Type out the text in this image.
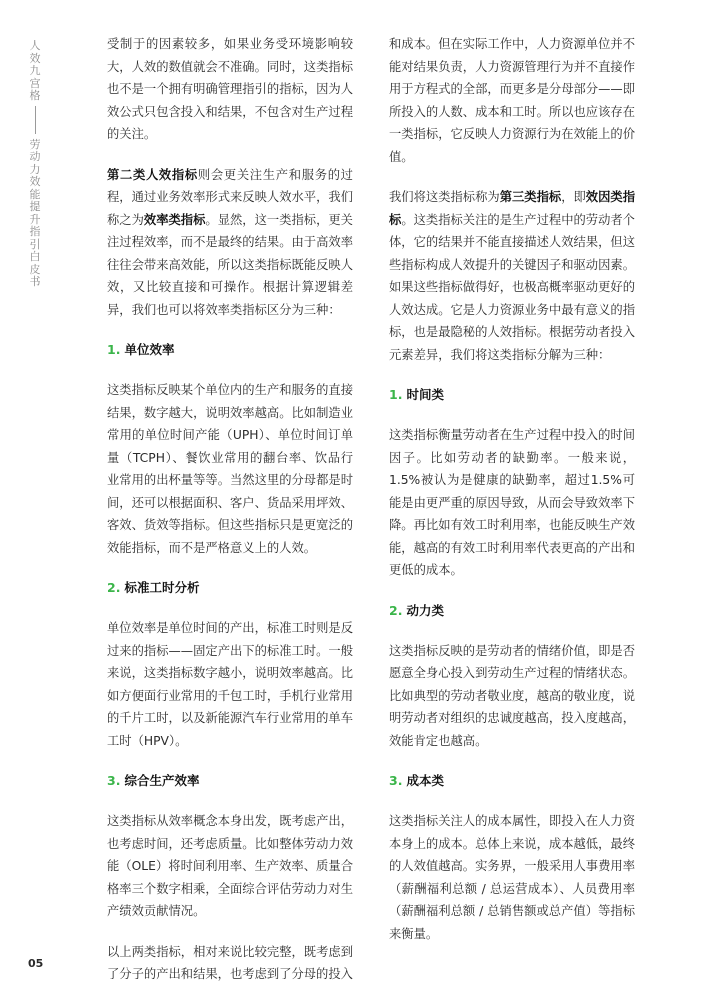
人效九宫格
劳动力效能提升指引白皮书

受制于的因素较多，如果业务受环境影响较大，人效的数值就会不准确。同时，这类指标也不是一个拥有明确管理指引的指标，因为人效公式只包含投入和结果，不包含对生产过程的关注。

第二类人效指标则会更关注生产和服务的过程，通过业务效率形式来反映人效水平，我们称之为效率类指标。显然，这一类指标，更关注过程效率，而不是最终的结果。由于高效率往往会带来高效能，所以这类指标既能反映人效，又比较直接和可操作。根据计算逻辑差异，我们也可以将效率类指标区分为三种：

1. 单位效率

这类指标反映某个单位内的生产和服务的直接结果，数字越大，说明效率越高。比如制造业常用的单位时间产能（UPH）、单位时间订单量（TCPH）、餐饮业常用的翻台率、饮品行业常用的出杯量等等。当然这里的分母都是时间，还可以根据面积、客户、货品采用坪效、客效、货效等指标。但这些指标只是更宽泛的效能指标，而不是严格意义上的人效。

2. 标准工时分析

单位效率是单位时间的产出，标准工时则是反过来的指标——固定产出下的标准工时。一般来说，这类指标数字越小，说明效率越高。比如方便面行业常用的千包工时，手机行业常用的千片工时，以及新能源汽车行业常用的单车工时（HPV）。

3. 综合生产效率

这类指标从效率概念本身出发，既考虑产出，也考虑时间，还考虑质量。比如整体劳动力效能（OLE）将时间利用率、生产效率、质量合格率三个数字相乘，全面综合评估劳动力对生产绩效贡献情况。

以上两类指标，相对来说比较完整，既考虑到了分子的产出和结果，也考虑到了分母的投入

和成本。但在实际工作中，人力资源单位并不能对结果负责，人力资源管理行为并不直接作用于方程式的全部，而更多是分母部分——即所投入的人数、成本和工时。所以也应该存在一类指标，它反映人力资源行为在效能上的价值。

我们将这类指标称为第三类指标，即效因类指标。这类指标关注的是生产过程中的劳动者个体，它的结果并不能直接描述人效结果，但这些指标构成人效提升的关键因子和驱动因素。如果这些指标做得好，也极高概率驱动更好的人效达成。它是人力资源业务中最有意义的指标，也是最隐秘的人效指标。根据劳动者投入元素差异，我们将这类指标分解为三种：

1. 时间类

这类指标衡量劳动者在生产过程中投入的时间因子。比如劳动者的缺勤率。一般来说，1.5%被认为是健康的缺勤率，超过1.5%可能是由更严重的原因导致，从而会导致效率下降。再比如有效工时利用率，也能反映生产效能，越高的有效工时利用率代表更高的产出和更低的成本。

2. 动力类

这类指标反映的是劳动者的情绪价值，即是否愿意全身心投入到劳动生产过程的情绪状态。比如典型的劳动者敬业度，越高的敬业度，说明劳动者对组织的忠诚度越高，投入度越高，效能肯定也越高。

3. 成本类

这类指标关注人的成本属性，即投入在人力资本身上的成本。总体上来说，成本越低，最终的人效值越高。实务界，一般采用人事费用率（薪酬福利总额 / 总运营成本）、人员费用率（薪酬福利总额 / 总销售额或总产值）等指标来衡量。

05
